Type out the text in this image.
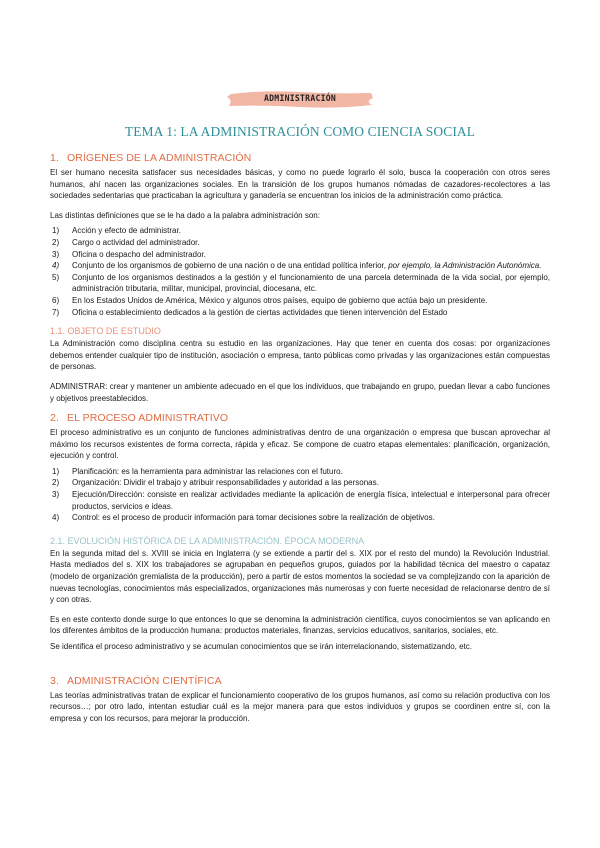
ADMINISTRACIÓN
TEMA 1: LA ADMINISTRACIÓN COMO CIENCIA SOCIAL
1. ORÍGENES DE LA ADMINISTRACIÓN

El ser humano necesita satisfacer sus necesidades básicas, y como no puede lograrlo él solo, busca la cooperación con otros seres humanos, ahí nacen las organizaciones sociales. En la transición de los grupos humanos nómadas de cazadores-recolectores a las sociedades sedentarias que practicaban la agricultura y ganadería se encuentran los inicios de la administración como práctica.

Las distintas definiciones que se le ha dado a la palabra administración son:

1) Acción y efecto de administrar.
2) Cargo o actividad del administrador.
3) Oficina o despacho del administrador.
4) Conjunto de los organismos de gobierno de una nación o de una entidad política inferior, por ejemplo, la Administración Autonómica.
5) Conjunto de los organismos destinados a la gestión y el funcionamiento de una parcela determinada de la vida social, por ejemplo, administración tributaria, militar, municipal, provincial, diocesana, etc.
6) En los Estados Unidos de América, México y algunos otros países, equipo de gobierno que actúa bajo un presidente.
7) Oficina o establecimiento dedicados a la gestión de ciertas actividades que tienen intervención del Estado
1.1. OBJETO DE ESTUDIO

La Administración como disciplina centra su estudio en las organizaciones. Hay que tener en cuenta dos cosas: por organizaciones debemos entender cualquier tipo de institución, asociación o empresa, tanto públicas como privadas y las organizaciones están compuestas de personas.

ADMINISTRAR: crear y mantener un ambiente adecuado en el que los individuos, que trabajando en grupo, puedan llevar a cabo funciones y objetivos preestablecidos.

2. EL PROCESO ADMINISTRATIVO

El proceso administrativo es un conjunto de funciones administrativas dentro de una organización o empresa que buscan aprovechar al máximo los recursos existentes de forma correcta, rápida y eficaz. Se compone de cuatro etapas elementales: planificación, organización, ejecución y control.

1) Planificación: es la herramienta para administrar las relaciones con el futuro.
2) Organización: Dividir el trabajo y atribuir responsabilidades y autoridad a las personas.
3) Ejecución/Dirección: consiste en realizar actividades mediante la aplicación de energía física, intelectual e interpersonal para ofrecer productos, servicios e ideas.
4) Control: es el proceso de producir información para tomar decisiones sobre la realización de objetivos.
2.1. EVOLUCIÓN HISTÓRICA DE LA ADMINISTRACIÓN. ÉPOCA MODERNA

En la segunda mitad del s. XVIII se inicia en Inglaterra (y se extiende a partir del s. XIX por el resto del mundo) la Revolución Industrial. Hasta mediados del s. XIX los trabajadores se agrupaban en pequeños grupos, guiados por la habilidad técnica del maestro o capataz (modelo de organización gremialista de la producción), pero a partir de estos momentos la sociedad se va complejizando con la aparición de nuevas tecnologías, conocimientos más especializados, organizaciones más numerosas y con fuerte necesidad de relacionarse dentro de sí y con otras.

Es en este contexto donde surge lo que entonces lo que se denomina la administración científica, cuyos conocimientos se van aplicando en los diferentes ámbitos de la producción humana: productos materiales, finanzas, servicios educativos, sanitarios, sociales, etc.

Se identifica el proceso administrativo y se acumulan conocimientos que se irán interrelacionando, sistematizando, etc.

3. ADMINISTRACIÓN CIENTÍFICA

Las teorías administrativas tratan de explicar el funcionamiento cooperativo de los grupos humanos, así como su relación productiva con los recursos…; por otro lado, intentan estudiar cuál es la mejor manera para que estos individuos y grupos se coordinen entre sí, con la empresa y con los recursos, para mejorar la producción.
